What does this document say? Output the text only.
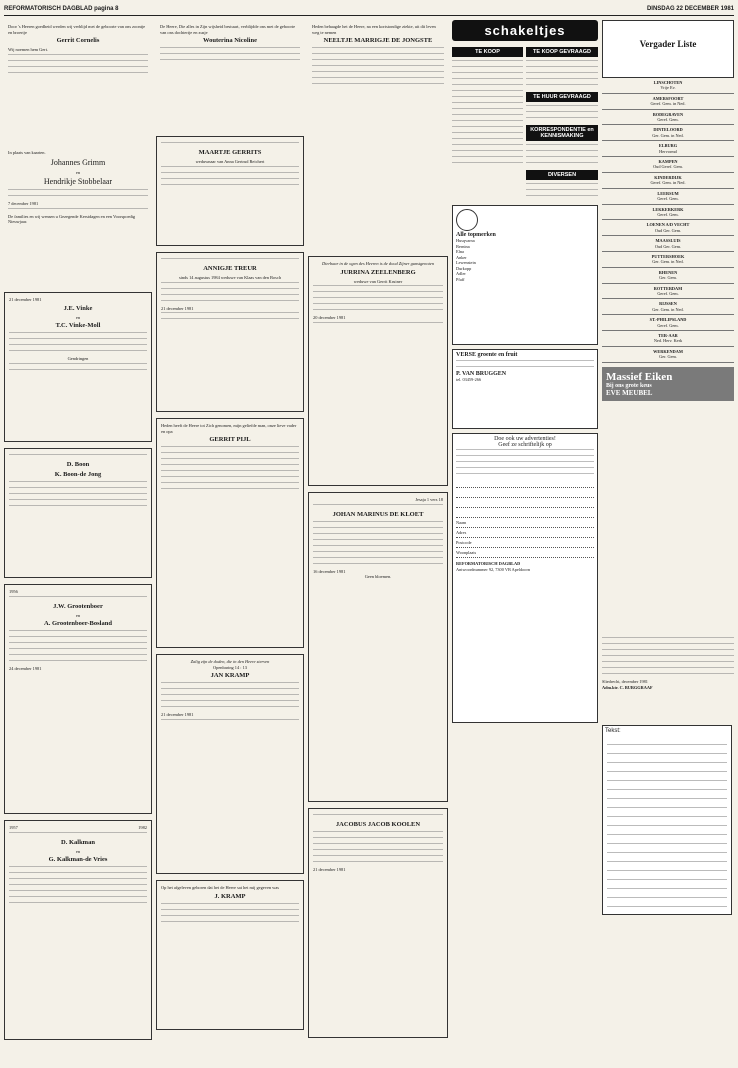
REFORMATORISCH DAGBLAD pagina 8	DINSDAG 22 DECEMBER 1981
Door 's Heeren goedheid werden wij verblijd met de geboorte van ons zoontje en broertje
Gerrit Cornelis
Wij noemen hem Gert.
In plaats van kaarten.
Johannes Grimm
en
Hendrikje Stobbelaar
7 december 1981
De families en wij wensen u Gezegende Kerstdagen en een Voorspoedig Nieuwjaar.
21 december 1981
J.E. Vinke
en
T.C. Vinke-Moll
Gendringen
D. Boon
K. Boon-de Jong
1956
J.W. Grootenboer
en
A. Grootenboer-Bosland
24 december 1981
1957	1982
D. Kalkman
en
G. Kalkman-de Vries
De Heere, Die alles in Zijn wijsheid bestuurt, verblijdde ons met de geboorte van ons dochtertje en zusje
Wouterina Nicoline
MAARTJE GERRITS
weduwnaar van Anna Gertrud Reichert
ANNIGJE TREUR
sinds 14 augustus 1984 weduwe van Klaas van den Bosch
21 december 1981
Heden heeft de Heere tot Zich genomen, mijn geliefde man, onze lieve vader en opa
GERRIT PIJL
Zalig zijn de doden, die in den Heere sterven
Openbaring 14 : 13
JAN KRAMP
21 december 1981
Op het afgeleven geboren dat het de Heere sat het mij gegeven was
J. KRAMP
Heden behaagde het de Heere, na een kortstondige ziekte, uit dit leven weg te nemen
NEELTJE MARRIGJE DE JONGSTE
Dierbaar in de ogen des Heeren is de dood Zijner gunstgenoten
JURRINA ZEELENBERG
weduwe van Gerrit Kruiner
20 december 1981
Jesaja 1 vers 18
JOHAN MARINUS DE KLOET
16 december 1981
Geen bloemen.
JACOBUS JACOB KOOLEN
21 december 1981
schakeltjes
TE KOOP	TE KOOP GEVRAAGD
TE HUUR GEVRAAGD
KORRESPONDENTIE en KENNISMAKING
DIVERSEN
Alle topmerken
Husqvarna
Bernina
Elna
Anker
Lewenstein
Durkopp
Adler
Pfaff
VERSE groente en fruit
P. VAN BRUGGEN
tel. 03459-266
Doe ook uw advertenties!
Geef ze schriftelijk op
Naam
Adres
Postcode
Woonplaats
REFORMATORISCH DAGBLAD
Antwoordnummer 92, 7300 VB Apeldoorn
Vergader Liste
LINSCHOTEN
Vrije Ev.
AMERSFOORT
Geref. Gem. in Ned.
BODEGRAVEN
Geref. Gem.
DINTELOORD
Ger. Gem. in Ned.
ELBURG
Hervormd
KAMPEN
Oud Geref. Gem.
KINDERDIJK
Geref. Gem. in Ned.
LEERSUM
Geref. Gem.
LEKKERKERK
Geref. Gem.
LOENEN A/D VECHT
Oud Ger. Gem.
MAASSLUIS
Oud Ger. Gem.
PUTTERSHOEK
Ger. Gem. in Ned.
RHENEN
Ger. Gem.
ROTTERDAM
Geref. Gem.
RIJSSEN
Ger. Gem. in Ned.
ST.-PHILIPSLAND
Geref. Gem.
TER-AAR
Ned. Herv. Kerk
WERKENDAM
Ger. Gem.
Massief Eiken
Bij ons grote keus
EVE MEUBEL
Sliedrecht, december 1981
Adm.ktr. C. BURGGRAAF
Tekst:
